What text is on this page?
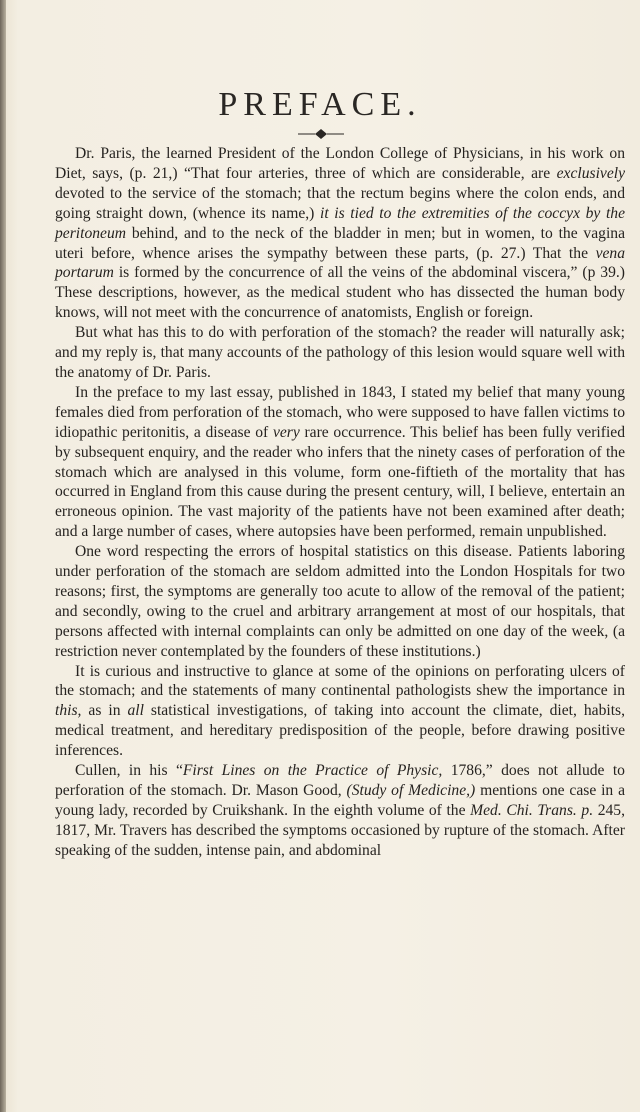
PREFACE.

Dr. Paris, the learned President of the London College of Physicians, in his work on Diet, says, (p. 21,) “That four arteries, three of which are considerable, are exclusively devoted to the service of the stomach; that the rectum begins where the colon ends, and going straight down, (whence its name,) it is tied to the extremities of the coccyx by the peritoneum behind, and to the neck of the bladder in men; but in women, to the vagina uteri before, whence arises the sympathy between these parts, (p. 27.) That the vena portarum is formed by the concurrence of all the veins of the abdominal viscera,” (p 39.) These descriptions, however, as the medical student who has dissected the human body knows, will not meet with the concurrence of anatomists, English or foreign.

But what has this to do with perforation of the stomach? the reader will naturally ask; and my reply is, that many accounts of the pathology of this lesion would square well with the anatomy of Dr. Paris.

In the preface to my last essay, published in 1843, I stated my belief that many young females died from perforation of the stomach, who were supposed to have fallen victims to idiopathic peritonitis, a disease of very rare occurrence. This belief has been fully verified by subsequent enquiry, and the reader who infers that the ninety cases of perforation of the stomach which are analysed in this volume, form one-fiftieth of the mortality that has occurred in England from this cause during the present century, will, I believe, entertain an erroneous opinion. The vast majority of the patients have not been examined after death; and a large number of cases, where autopsies have been performed, remain unpublished.

One word respecting the errors of hospital statistics on this disease. Patients laboring under perforation of the stomach are seldom admitted into the London Hospitals for two reasons; first, the symptoms are generally too acute to allow of the removal of the patient; and secondly, owing to the cruel and arbitrary arrangement at most of our hospitals, that persons affected with internal complaints can only be admitted on one day of the week, (a restriction never contemplated by the founders of these institutions.)

It is curious and instructive to glance at some of the opinions on perforating ulcers of the stomach; and the statements of many continental pathologists shew the importance in this, as in all statistical investigations, of taking into account the climate, diet, habits, medical treatment, and hereditary predisposition of the people, before drawing positive inferences.

Cullen, in his “First Lines on the Practice of Physic, 1786,” does not allude to perforation of the stomach. Dr. Mason Good, (Study of Medicine,) mentions one case in a young lady, recorded by Cruikshank. In the eighth volume of the Med. Chi. Trans. p. 245, 1817, Mr. Travers has described the symptoms occasioned by rupture of the stomach. After speaking of the sudden, intense pain, and abdominal
